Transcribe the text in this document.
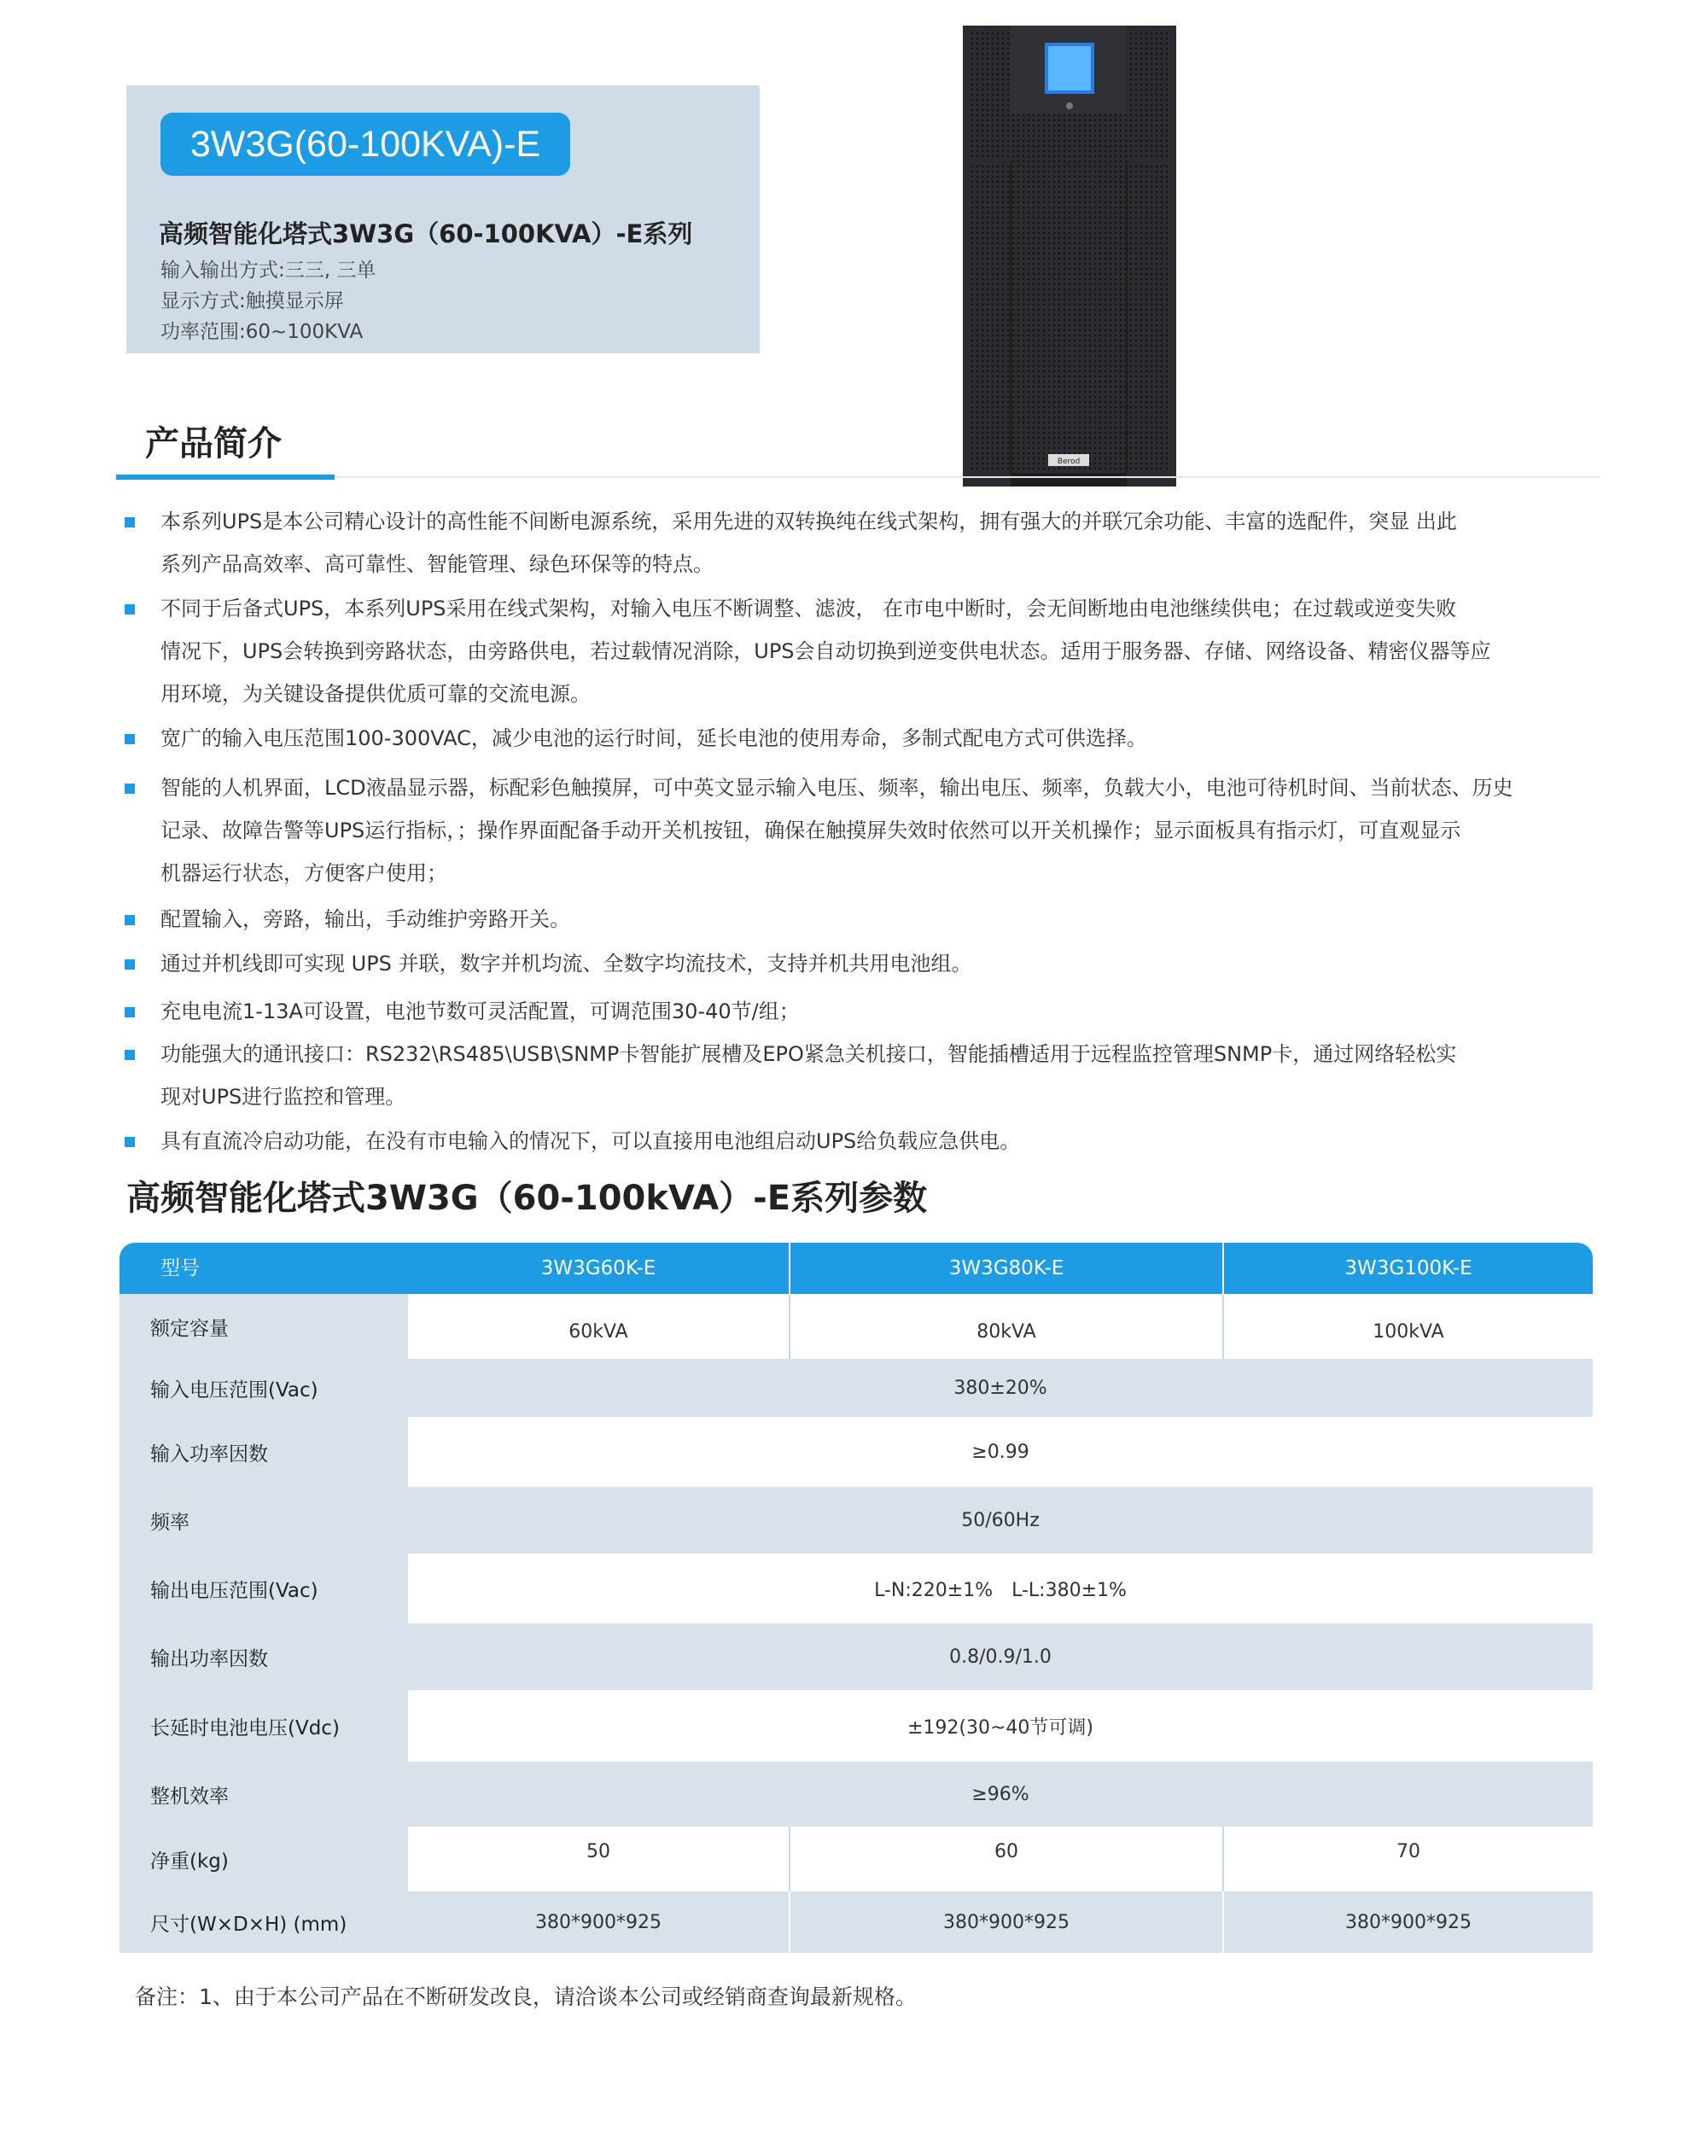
3W3G(60-100KVA)-E
高频智能化塔式3W3G（60-100KVA）-E系列
输入输出方式:三三, 三单
显示方式:触摸显示屏
功率范围:60~100KVA
Berod
产品简介
本系列UPS是本公司精心设计的高性能不间断电源系统，采用先进的双转换纯在线式架构，拥有强大的并联冗余功能、丰富的选配件，突显 出此
系列产品高效率、高可靠性、智能管理、绿色环保等的特点。
不同于后备式UPS，本系列UPS采用在线式架构，对输入电压不断调整、滤波， 在市电中断时，会无间断地由电池继续供电；在过载或逆变失败
情况下，UPS会转换到旁路状态，由旁路供电，若过载情况消除，UPS会自动切换到逆变供电状态。适用于服务器、存储、网络设备、精密仪器等应
用环境，为关键设备提供优质可靠的交流电源。
宽广的输入电压范围100-300VAC，减少电池的运行时间，延长电池的使用寿命，多制式配电方式可供选择。
智能的人机界面，LCD液晶显示器，标配彩色触摸屏，可中英文显示输入电压、频率，输出电压、频率，负载大小，电池可待机时间、当前状态、历史
记录、故障告警等UPS运行指标，；操作界面配备手动开关机按钮，确保在触摸屏失效时依然可以开关机操作；显示面板具有指示灯，可直观显示
机器运行状态，方便客户使用；
配置输入，旁路，输出，手动维护旁路开关。
通过并机线即可实现 UPS 并联，数字并机均流、全数字均流技术，支持并机共用电池组。
充电电流1-13A可设置，电池节数可灵活配置，可调范围30-40节/组；
功能强大的通讯接口：RS232\RS485\USB\SNMP卡智能扩展槽及EPO紧急关机接口，智能插槽适用于远程监控管理SNMP卡，通过网络轻松实
现对UPS进行监控和管理。
具有直流冷启动功能，在没有市电输入的情况下，可以直接用电池组启动UPS给负载应急供电。
高频智能化塔式3W3G（60-100kVA）-E系列参数
型号	3W3G60K-E	3W3G80K-E	3W3G100K-E
额定容量	60kVA	80kVA	100kVA
输入电压范围(Vac)	380±20%
输入功率因数	≥0.99
频率	50/60Hz
输出电压范围(Vac)	L-N:220±1%　L-L:380±1%
输出功率因数	0.8/0.9/1.0
长延时电池电压(Vdc)	±192(30~40节可调)
整机效率	≥96%
净重(kg)	50	60	70
尺寸(W×D×H) (mm)	380*900*925	380*900*925	380*900*925
备注：1、由于本公司产品在不断研发改良，请洽谈本公司或经销商查询最新规格。
